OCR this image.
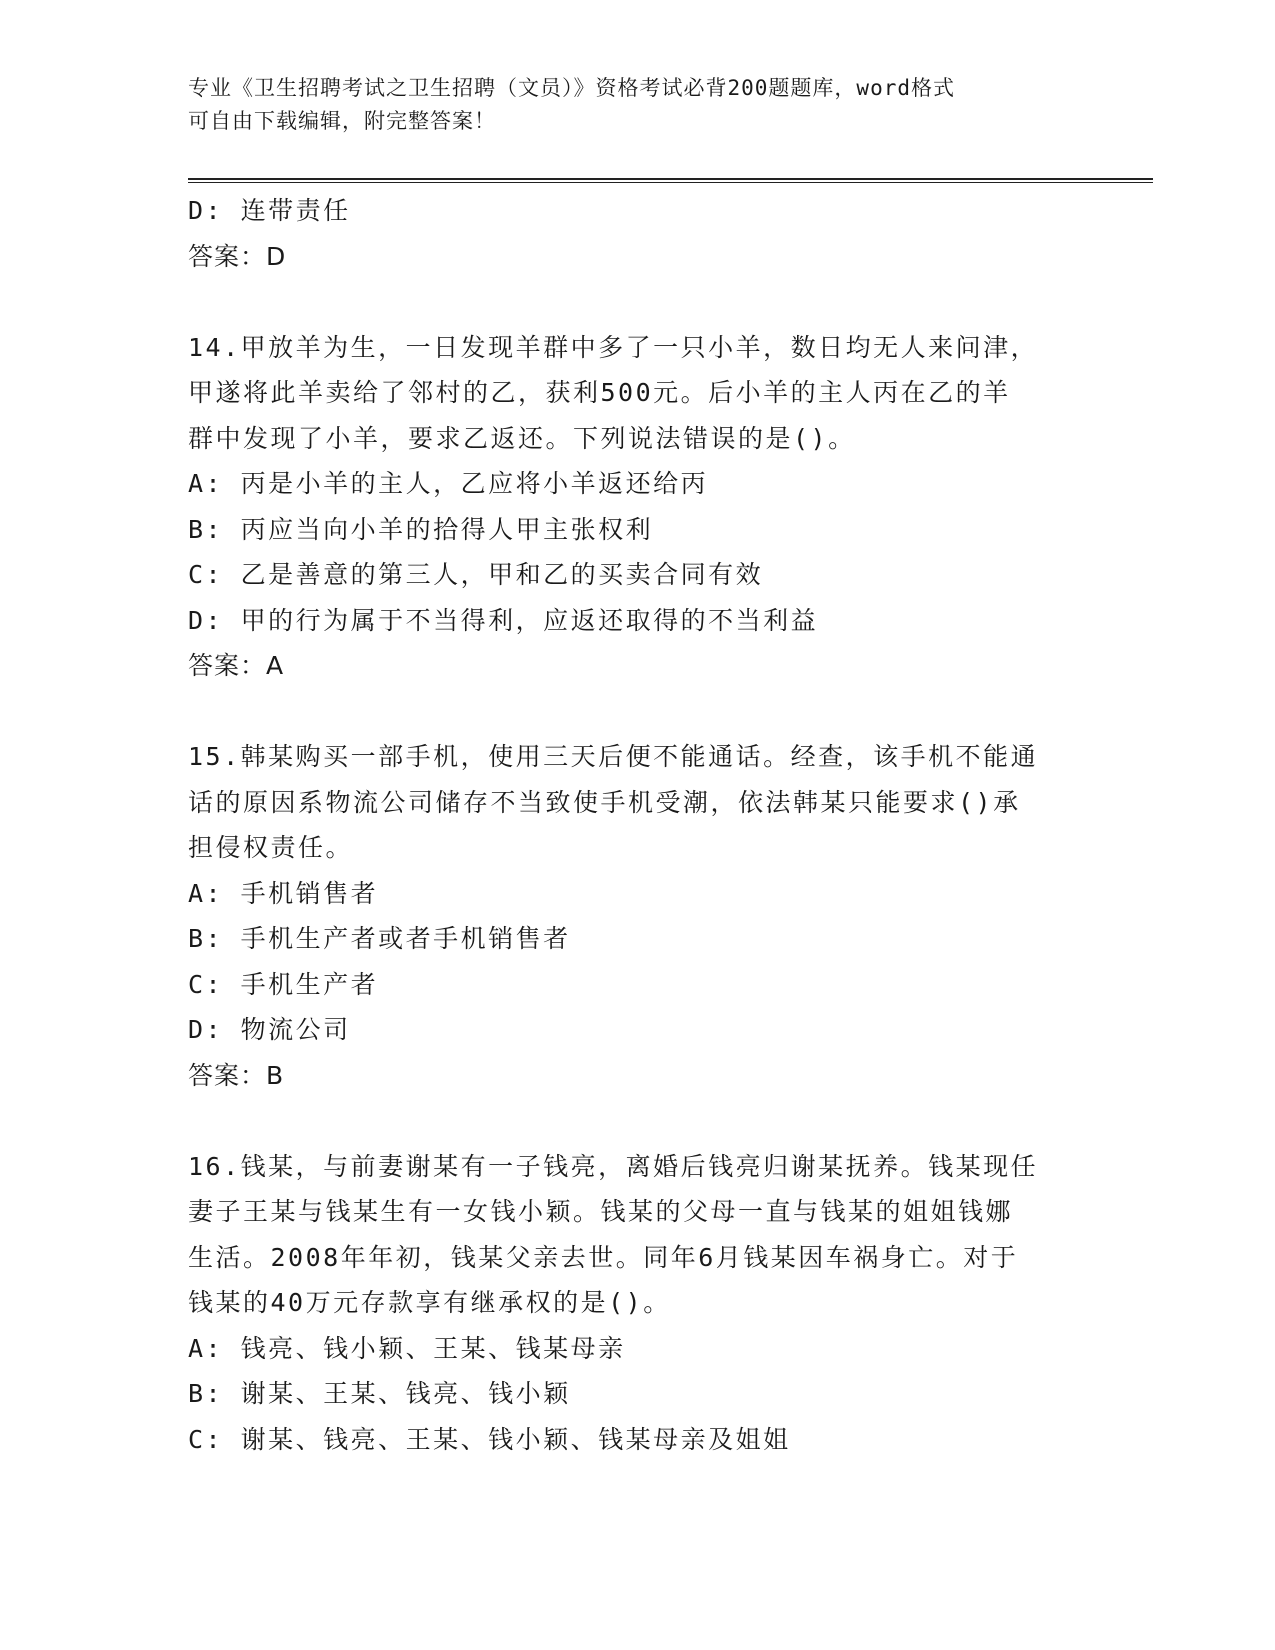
专业《卫生招聘考试之卫生招聘（文员）》资格考试必背200题题库，word格式
可自由下载编辑，附完整答案！
D: 连带责任
答案：D
14.甲放羊为生，一日发现羊群中多了一只小羊，数日均无人来问津，
甲遂将此羊卖给了邻村的乙，获利500元。后小羊的主人丙在乙的羊
群中发现了小羊，要求乙返还。下列说法错误的是()。
A: 丙是小羊的主人，乙应将小羊返还给丙
B: 丙应当向小羊的拾得人甲主张权利
C: 乙是善意的第三人，甲和乙的买卖合同有效
D: 甲的行为属于不当得利，应返还取得的不当利益
答案：A
15.韩某购买一部手机，使用三天后便不能通话。经查，该手机不能通
话的原因系物流公司储存不当致使手机受潮，依法韩某只能要求()承
担侵权责任。
A: 手机销售者
B: 手机生产者或者手机销售者
C: 手机生产者
D: 物流公司
答案：B
16.钱某，与前妻谢某有一子钱亮，离婚后钱亮归谢某抚养。钱某现任
妻子王某与钱某生有一女钱小颖。钱某的父母一直与钱某的姐姐钱娜
生活。2008年年初，钱某父亲去世。同年6月钱某因车祸身亡。对于
钱某的40万元存款享有继承权的是()。
A: 钱亮、钱小颖、王某、钱某母亲
B: 谢某、王某、钱亮、钱小颖
C: 谢某、钱亮、王某、钱小颖、钱某母亲及姐姐
